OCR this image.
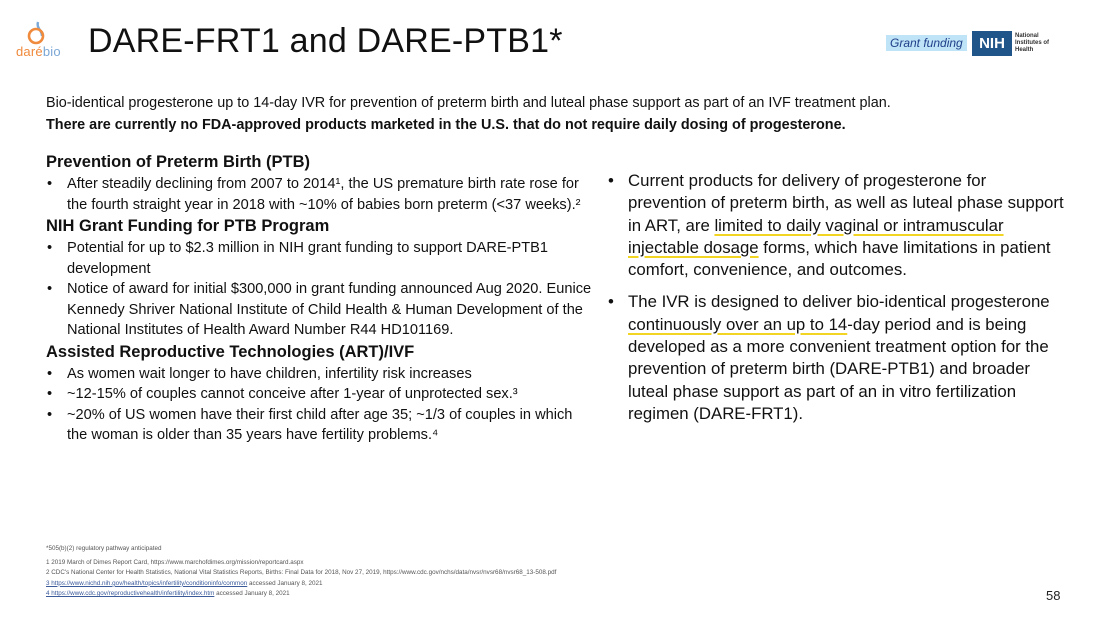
darébio DARE-FRT1 and DARE-PTB1*	Grant funding	NIH	National Institutes of Health
Bio-identical progesterone up to 14-day IVR for prevention of preterm birth and luteal phase support as part of an IVF treatment plan.
There are currently no FDA-approved products marketed in the U.S. that do not require daily dosing of progesterone.
Prevention of Preterm Birth (PTB)
• After steadily declining from 2007 to 2014¹, the US premature birth rate rose for the fourth straight year in 2018 with ~10% of babies born preterm (<37 weeks).²
NIH Grant Funding for PTB Program
• Potential for up to $2.3 million in NIH grant funding to support DARE-PTB1 development
• Notice of award for initial $300,000 in grant funding announced Aug 2020. Eunice Kennedy Shriver National Institute of Child Health & Human Development of the National Institutes of Health Award Number R44 HD101169.
Assisted Reproductive Technologies (ART)/IVF
• As women wait longer to have children, infertility risk increases
• ~12-15% of couples cannot conceive after 1-year of unprotected sex.³
• ~20% of US women have their first child after age 35; ~1/3 of couples in which the woman is older than 35 years have fertility problems.⁴
• Current products for delivery of progesterone for prevention of preterm birth, as well as luteal phase support in ART, are limited to daily vaginal or intramuscular injectable dosage forms, which have limitations in patient comfort, convenience, and outcomes.
• The IVR is designed to deliver bio-identical progesterone continuously over an up to 14-day period and is being developed as a more convenient treatment option for the prevention of preterm birth (DARE-PTB1) and broader luteal phase support as part of an in vitro fertilization regimen (DARE-FRT1).
*505(b)(2) regulatory pathway anticipated
1 2019 March of Dimes Report Card, https://www.marchofdimes.org/mission/reportcard.aspx
2 CDC's National Center for Health Statistics, National Vital Statistics Reports, Births: Final Data for 2018, Nov 27, 2019, https://www.cdc.gov/nchs/data/nvsr/nvsr68/nvsr68_13-508.pdf
3 https://www.nichd.nih.gov/health/topics/infertility/conditioninfo/common accessed January 8, 2021
4 https://www.cdc.gov/reproductivehealth/infertility/index.htm accessed January 8, 2021	58
